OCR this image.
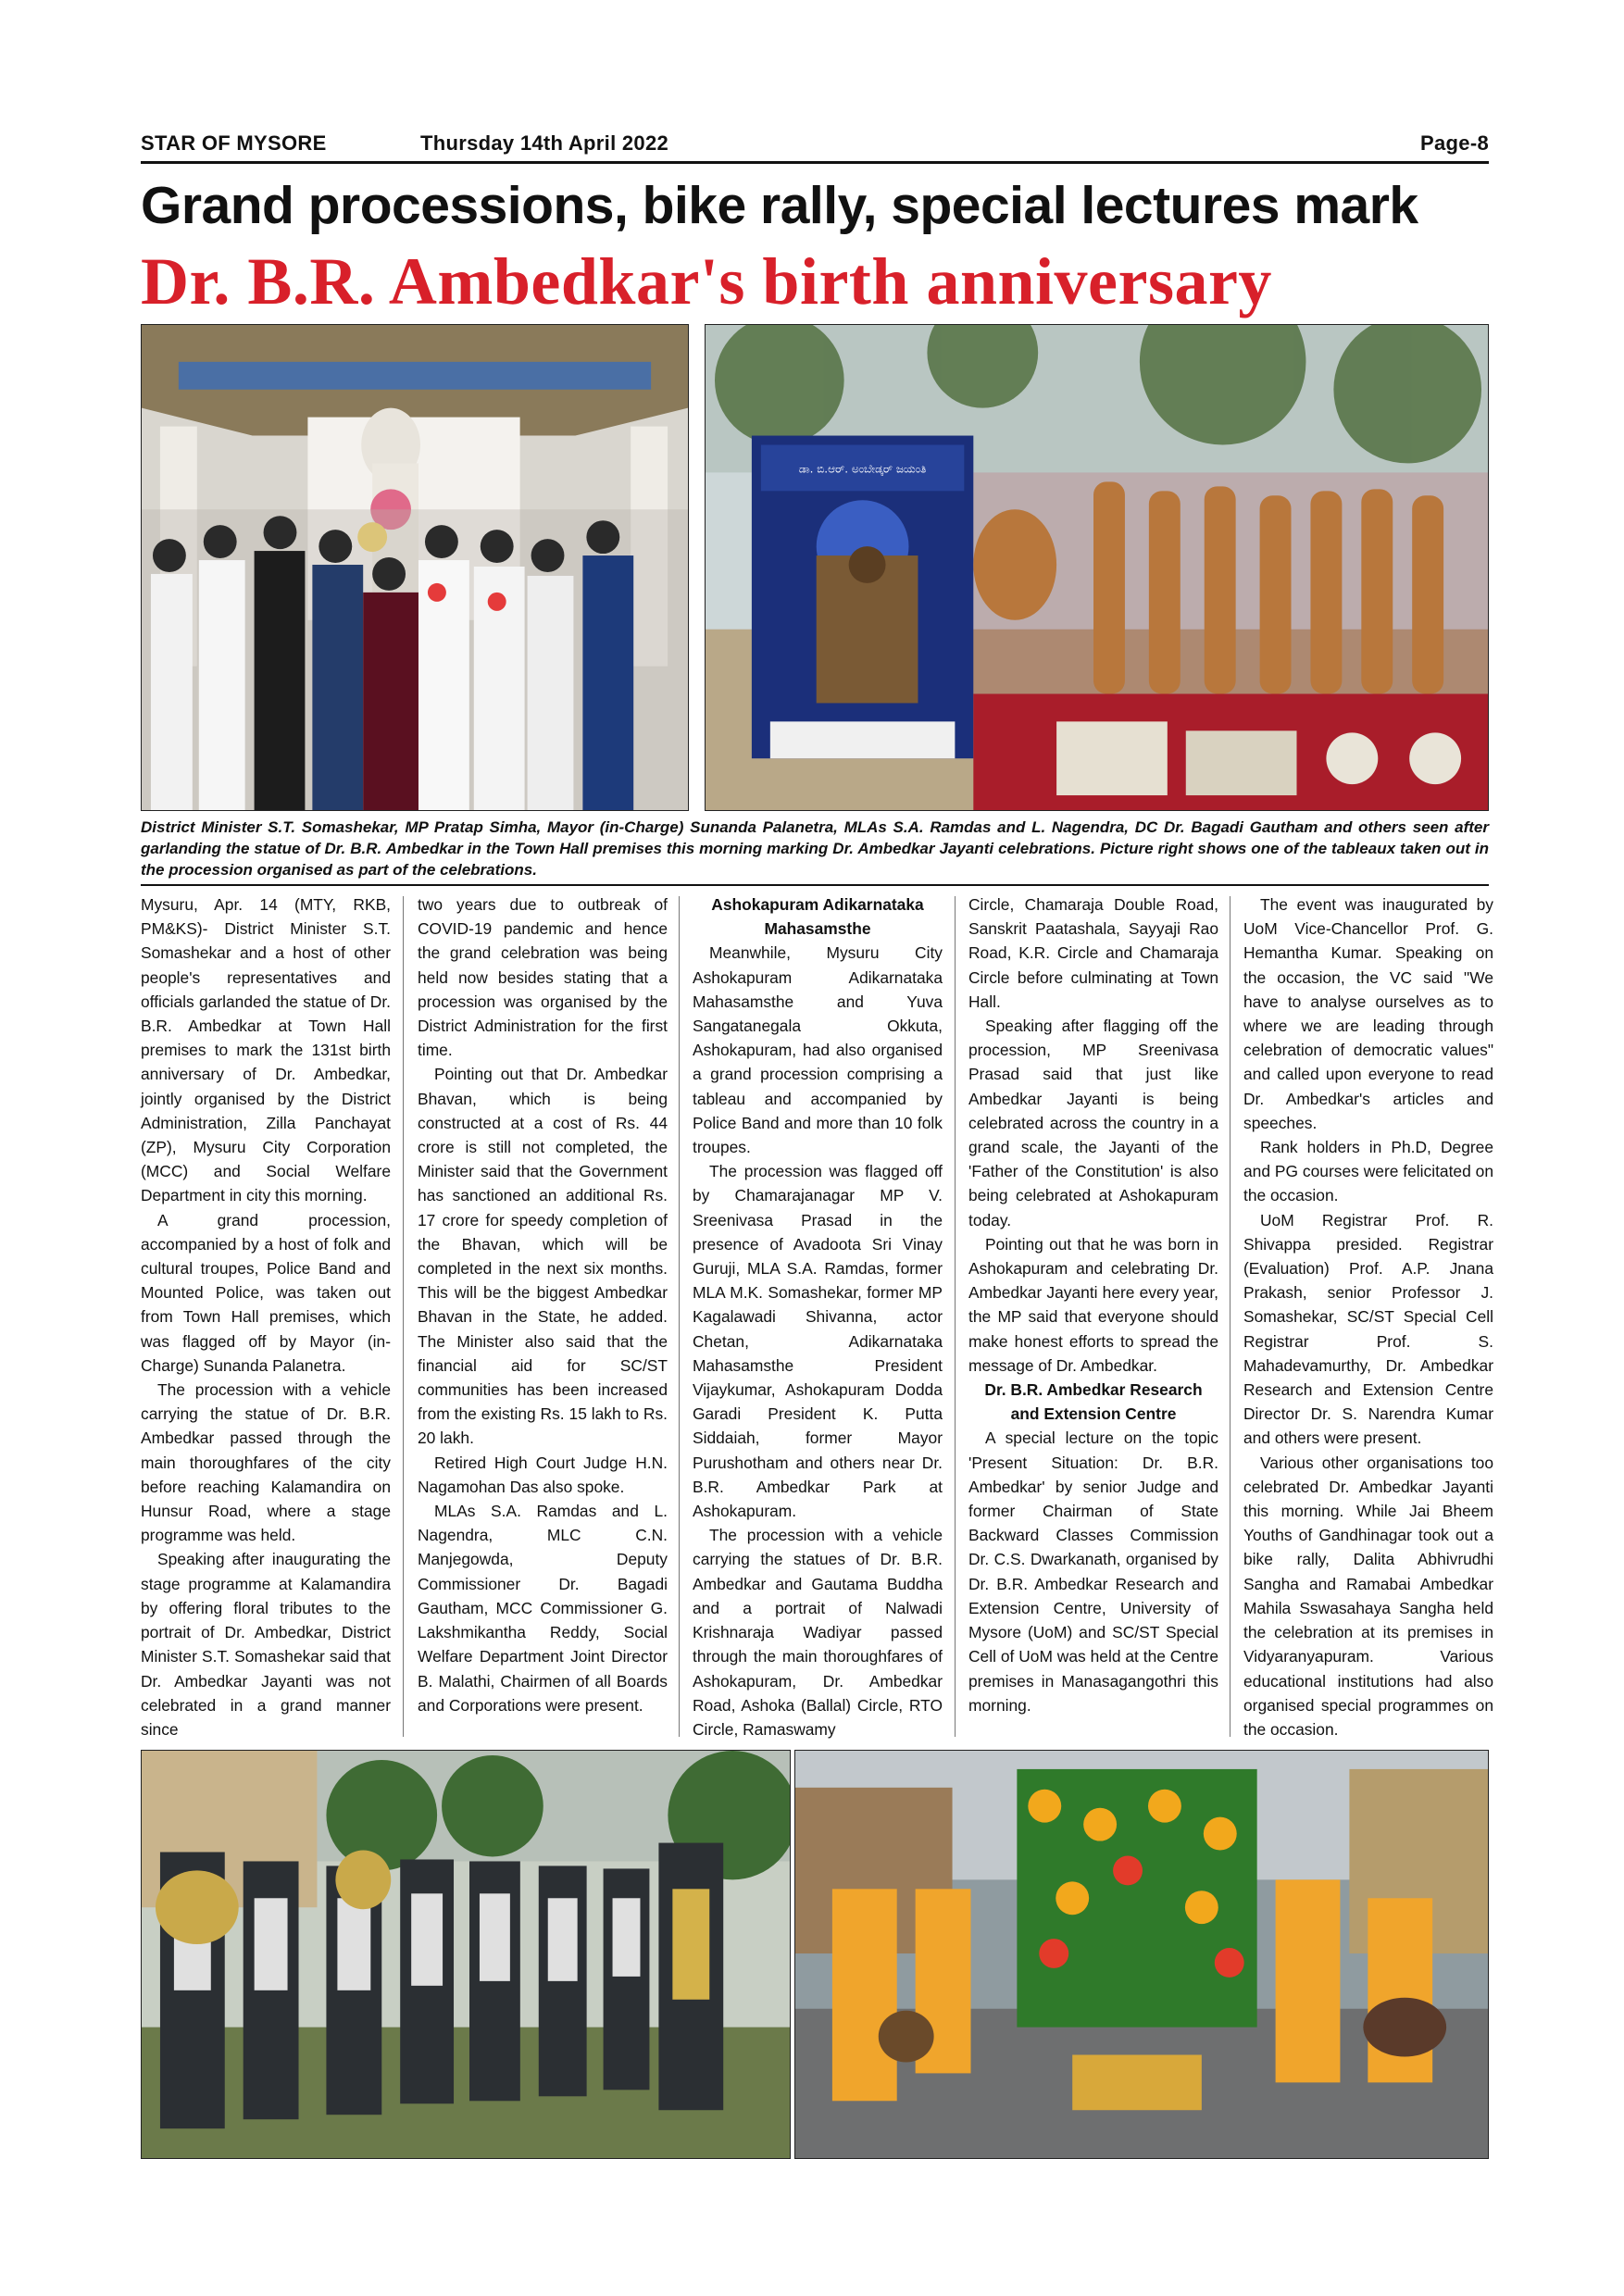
STAR OF MYSORE	Thursday 14th April 2022	Page-8
Grand processions, bike rally, special lectures mark
Dr. B.R. Ambedkar's birth anniversary
ಡಾ. ಬಿ.ಆರ್. ಅಂಬೇಡ್ಕರ್ ಜಯಂತಿ
District Minister S.T. Somashekar, MP Pratap Simha, Mayor (in-Charge) Sunanda Palanetra, MLAs S.A. Ramdas and L. Nagendra, DC Dr. Bagadi Gautham and others seen after garlanding the statue of Dr. B.R. Ambedkar in the Town Hall premises this morning marking Dr. Ambedkar Jayanti celebrations. Picture right shows one of the tableaux taken out in the procession organised as part of the celebrations.

Mysuru, Apr. 14 (MTY, RKB, PM&KS)- District Minister S.T. Somashekar and a host of other people's representatives and officials garlanded the statue of Dr. B.R. Ambedkar at Town Hall premises to mark the 131st birth anniversary of Dr. Ambedkar, jointly organised by the District Administration, Zilla Panchayat (ZP), Mysuru City Corporation (MCC) and Social Welfare Department in city this morning.

A grand procession, accompanied by a host of folk and cultural troupes, Police Band and Mounted Police, was taken out from Town Hall premises, which was flagged off by Mayor (in-Charge) Sunanda Palanetra.

The procession with a vehicle carrying the statue of Dr. B.R. Ambedkar passed through the main thoroughfares of the city before reaching Kalamandira on Hunsur Road, where a stage programme was held.

Speaking after inaugurating the stage programme at Kalamandira by offering floral tributes to the portrait of Dr. Ambedkar, District Minister S.T. Somashekar said that Dr. Ambedkar Jayanti was not celebrated in a grand manner since

two years due to outbreak of COVID-19 pandemic and hence the grand celebration was being held now besides stating that a procession was organised by the District Administration for the first time.

Pointing out that Dr. Ambedkar Bhavan, which is being constructed at a cost of Rs. 44 crore is still not completed, the Minister said that the Government has sanctioned an additional Rs. 17 crore for speedy completion of the Bhavan, which will be completed in the next six months. This will be the biggest Ambedkar Bhavan in the State, he added. The Minister also said that the financial aid for SC/ST communities has been increased from the existing Rs. 15 lakh to Rs. 20 lakh.

Retired High Court Judge H.N. Nagamohan Das also spoke.

MLAs S.A. Ramdas and L. Nagendra, MLC C.N. Manjegowda, Deputy Commissioner Dr. Bagadi Gautham, MCC Commissioner G. Lakshmikantha Reddy, Social Welfare Department Joint Director B. Malathi, Chairmen of all Boards and Corporations were present.

Ashokapuram Adikarnataka Mahasamsthe

Meanwhile, Mysuru City Ashokapuram Adikarnataka Mahasamsthe and Yuva Sangatanegala Okkuta, Ashokapuram, had also organised a grand procession comprising a tableau and accompanied by Police Band and more than 10 folk troupes.

The procession was flagged off by Chamarajanagar MP V. Sreenivasa Prasad in the presence of Avadoota Sri Vinay Guruji, MLA S.A. Ramdas, former MLA M.K. Somashekar, former MP Kagalawadi Shivanna, actor Chetan, Adikarnataka Mahasamsthe President Vijaykumar, Ashokapuram Dodda Garadi President K. Putta Siddaiah, former Mayor Purushotham and others near Dr. B.R. Ambedkar Park at Ashokapuram.

The procession with a vehicle carrying the statues of Dr. B.R. Ambedkar and Gautama Buddha and a portrait of Nalwadi Krishnaraja Wadiyar passed through the main thoroughfares of Ashokapuram, Dr. Ambedkar Road, Ashoka (Ballal) Circle, RTO Circle, Ramaswamy

Circle, Chamaraja Double Road, Sanskrit Paatashala, Sayyaji Rao Road, K.R. Circle and Chamaraja Circle before culminating at Town Hall.

Speaking after flagging off the procession, MP Sreenivasa Prasad said that just like Ambedkar Jayanti is being celebrated across the country in a grand scale, the Jayanti of the 'Father of the Constitution' is also being celebrated at Ashokapuram today.

Pointing out that he was born in Ashokapuram and celebrating Dr. Ambedkar Jayanti here every year, the MP said that everyone should make honest efforts to spread the message of Dr. Ambedkar.

Dr. B.R. Ambedkar Research and Extension Centre

A special lecture on the topic 'Present Situation: Dr. B.R. Ambedkar' by senior Judge and former Chairman of State Backward Classes Commission Dr. C.S. Dwarkanath, organised by Dr. B.R. Ambedkar Research and Extension Centre, University of Mysore (UoM) and SC/ST Special Cell of UoM was held at the Centre premises in Manasagangothri this morning.

The event was inaugurated by UoM Vice-Chancellor Prof. G. Hemantha Kumar. Speaking on the occasion, the VC said "We have to analyse ourselves as to where we are leading through celebration of democratic values" and called upon everyone to read Dr. Ambedkar's articles and speeches.

Rank holders in Ph.D, Degree and PG courses were felicitated on the occasion.

UoM Registrar Prof. R. Shivappa presided. Registrar (Evaluation) Prof. A.P. Jnana Prakash, senior Professor J. Somashekar, SC/ST Special Cell Registrar Prof. S. Mahadevamurthy, Dr. Ambedkar Research and Extension Centre Director Dr. S. Narendra Kumar and others were present.

Various other organisations too celebrated Dr. Ambedkar Jayanti this morning. While Jai Bheem Youths of Gandhinagar took out a bike rally, Dalita Abhivrudhi Sangha and Ramabai Ambedkar Mahila Sswasahaya Sangha held the celebration at its premises in Vidyaranyapuram. Various educational institutions had also organised special programmes on the occasion.
